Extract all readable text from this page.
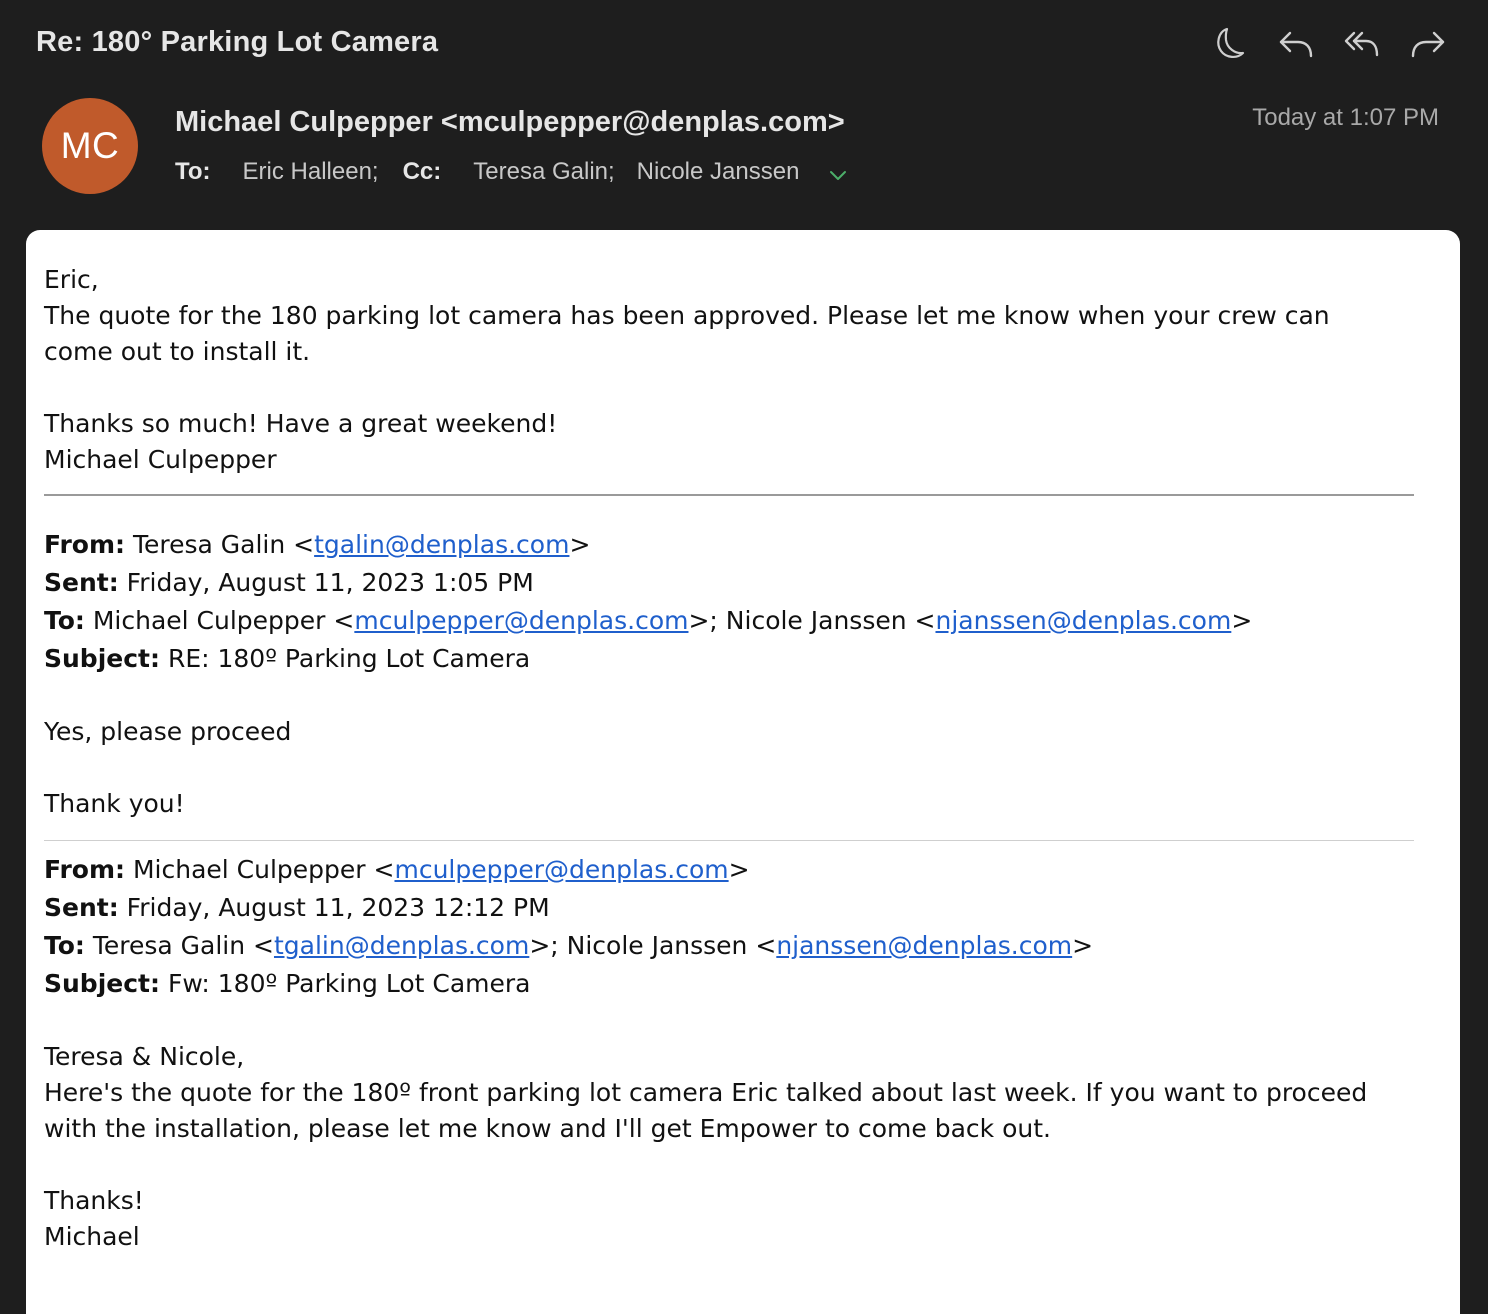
Re: 180° Parking Lot Camera
MC
Michael Culpepper <mculpepper@denplas.com>
To: Eric Halleen; Cc: Teresa Galin; Nicole Janssen
Today at 1:07 PM
Eric,
The quote for the 180 parking lot camera has been approved. Please let me know when your crew can come out to install it.
Thanks so much! Have a great weekend!
Michael Culpepper
From: Teresa Galin <tgalin@denplas.com>
Sent: Friday, August 11, 2023 1:05 PM
To: Michael Culpepper <mculpepper@denplas.com>; Nicole Janssen <njanssen@denplas.com>
Subject: RE: 180º Parking Lot Camera
Yes, please proceed
Thank you!
From: Michael Culpepper <mculpepper@denplas.com>
Sent: Friday, August 11, 2023 12:12 PM
To: Teresa Galin <tgalin@denplas.com>; Nicole Janssen <njanssen@denplas.com>
Subject: Fw: 180º Parking Lot Camera
Teresa & Nicole,
Here's the quote for the 180º front parking lot camera Eric talked about last week. If you want to proceed with the installation, please let me know and I'll get Empower to come back out.
Thanks!
Michael
